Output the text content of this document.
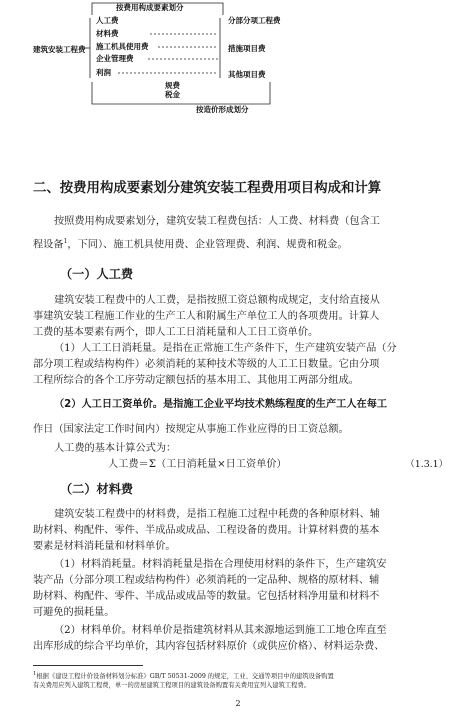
按费用构成要素划分
建筑安装工程费
人工费
材料费
施工机具使用费
企业管理费
利润
规费
税金
分部分项工程费
措施项目费
其他项目费
按造价形成划分
二、按费用构成要素划分建筑安装工程费用项目构成和计算
按照费用构成要素划分，建筑安装工程费包括：人工费、材料费（包含工
程设备$^1$，下同）、施工机具使用费、企业管理费、利润、规费和税金。
（一）人工费
建筑安装工程费中的人工费，是指按照工资总额构成规定，支付给直接从
事建筑安装工程施工作业的生产工人和附属生产单位工人的各项费用。计算人
工费的基本要素有两个，即人工工日消耗量和人工日工资单价。
（1）人工工日消耗量。是指在正常施工生产条件下，生产建筑安装产品（分
部分项工程或结构构件）必须消耗的某种技术等级的人工工日数量。它由分项
工程所综合的各个工序劳动定额包括的基本用工、其他用工两部分组成。
（2）人工日工资单价。是指施工企业平均技术熟练程度的生产工人在每工
作日（国家法定工作时间内）按规定从事施工作业应得的日工资总额。
人工费的基本计算公式为：
人工费＝Σ（工日消耗量×日工资单价）	（1.3.1）
（二）材料费
建筑安装工程费中的材料费，是指工程施工过程中耗费的各种原材料、辅
助材料、构配件、零件、半成品或成品、工程设备的费用。计算材料费的基本
要素是材料消耗量和材料单价。
（1）材料消耗量。材料消耗量是指在合理使用材料的条件下，生产建筑安
装产品（分部分项工程或结构构件）必须消耗的一定品种、规格的原材料、辅
助材料、构配件、零件、半成品或成品等的数量。它包括材料净用量和材料不
可避免的损耗量。
（2）材料单价。材料单价是指建筑材料从其来源地运到施工工地仓库直至
出库形成的综合平均单价，其内容包括材料原价（或供应价格）、材料运杂费、
$^1$根据《建设工程计价设备材料划分标准》GB/T 50531-2009 的规定，工业、交通等项目中的建筑设备购置
有关费用应列入建筑工程费，单一的房屋建筑工程项目的建筑设备购置有关费用宜列入建筑工程费。
2
